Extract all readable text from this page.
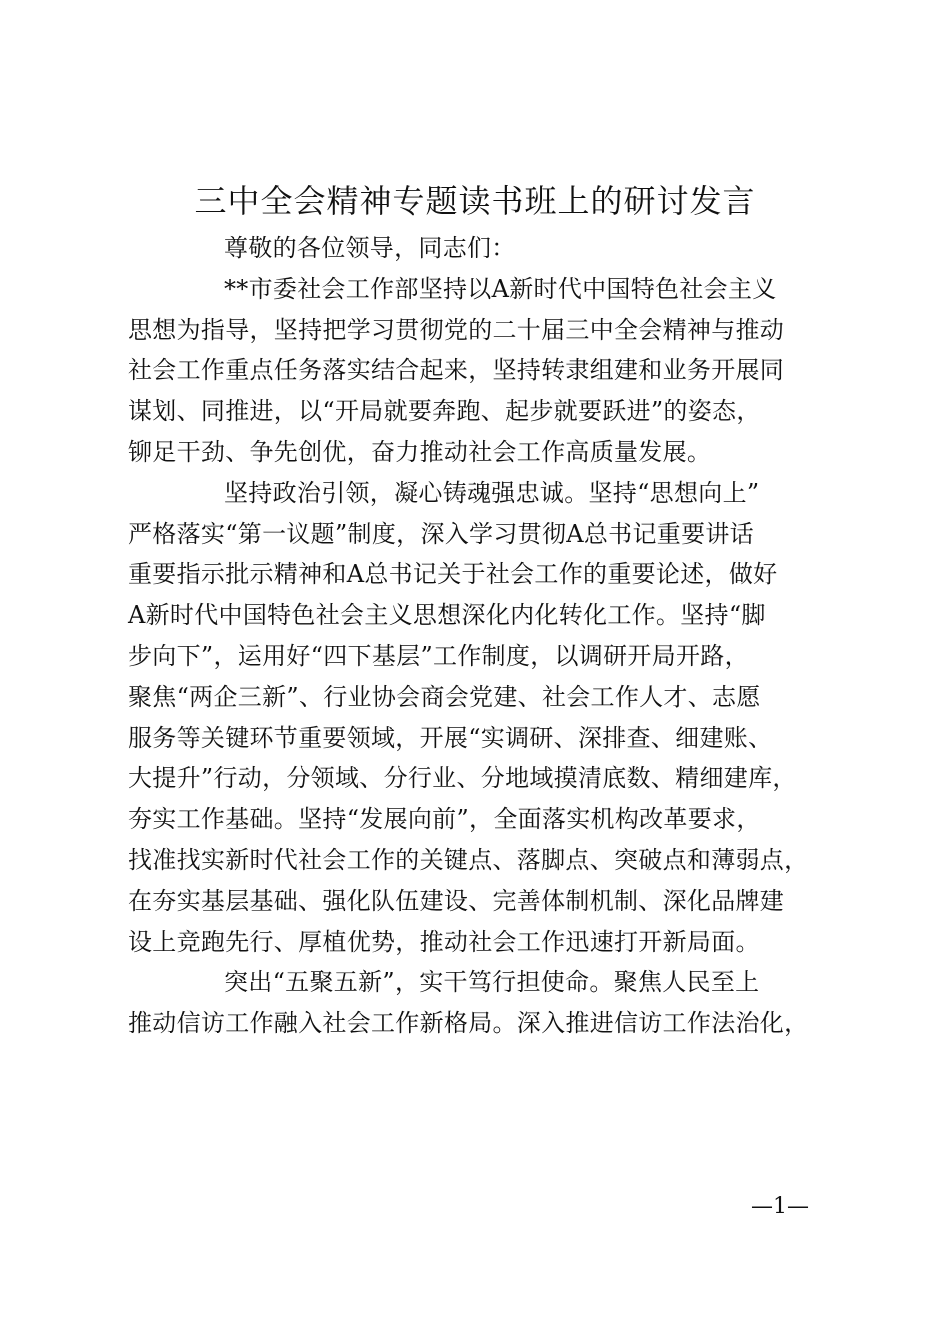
三中全会精神专题读书班上的研讨发言

尊敬的各位领导，同志们：

**市委社会工作部坚持以A新时代中国特色社会主义
思想为指导，坚持把学习贯彻党的二十届三中全会精神与推动
社会工作重点任务落实结合起来，坚持转隶组建和业务开展同
谋划、同推进，以“开局就要奔跑、起步就要跃进”的姿态，
铆足干劲、争先创优，奋力推动社会工作高质量发展。

坚持政治引领，凝心铸魂强忠诚。坚持“思想向上”
严格落实“第一议题”制度，深入学习贯彻A总书记重要讲话
重要指示批示精神和A总书记关于社会工作的重要论述，做好
A新时代中国特色社会主义思想深化内化转化工作。坚持“脚
步向下”，运用好“四下基层”工作制度，以调研开局开路，
聚焦“两企三新”、行业协会商会党建、社会工作人才、志愿
服务等关键环节重要领域，开展“实调研、深排查、细建账、
大提升”行动，分领域、分行业、分地域摸清底数、精细建库，
夯实工作基础。坚持“发展向前”，全面落实机构改革要求，
找准找实新时代社会工作的关键点、落脚点、突破点和薄弱点，
在夯实基层基础、强化队伍建设、完善体制机制、深化品牌建
设上竞跑先行、厚植优势，推动社会工作迅速打开新局面。

突出“五聚五新”，实干笃行担使命。聚焦人民至上
推动信访工作融入社会工作新格局。深入推进信访工作法治化，

—1—
